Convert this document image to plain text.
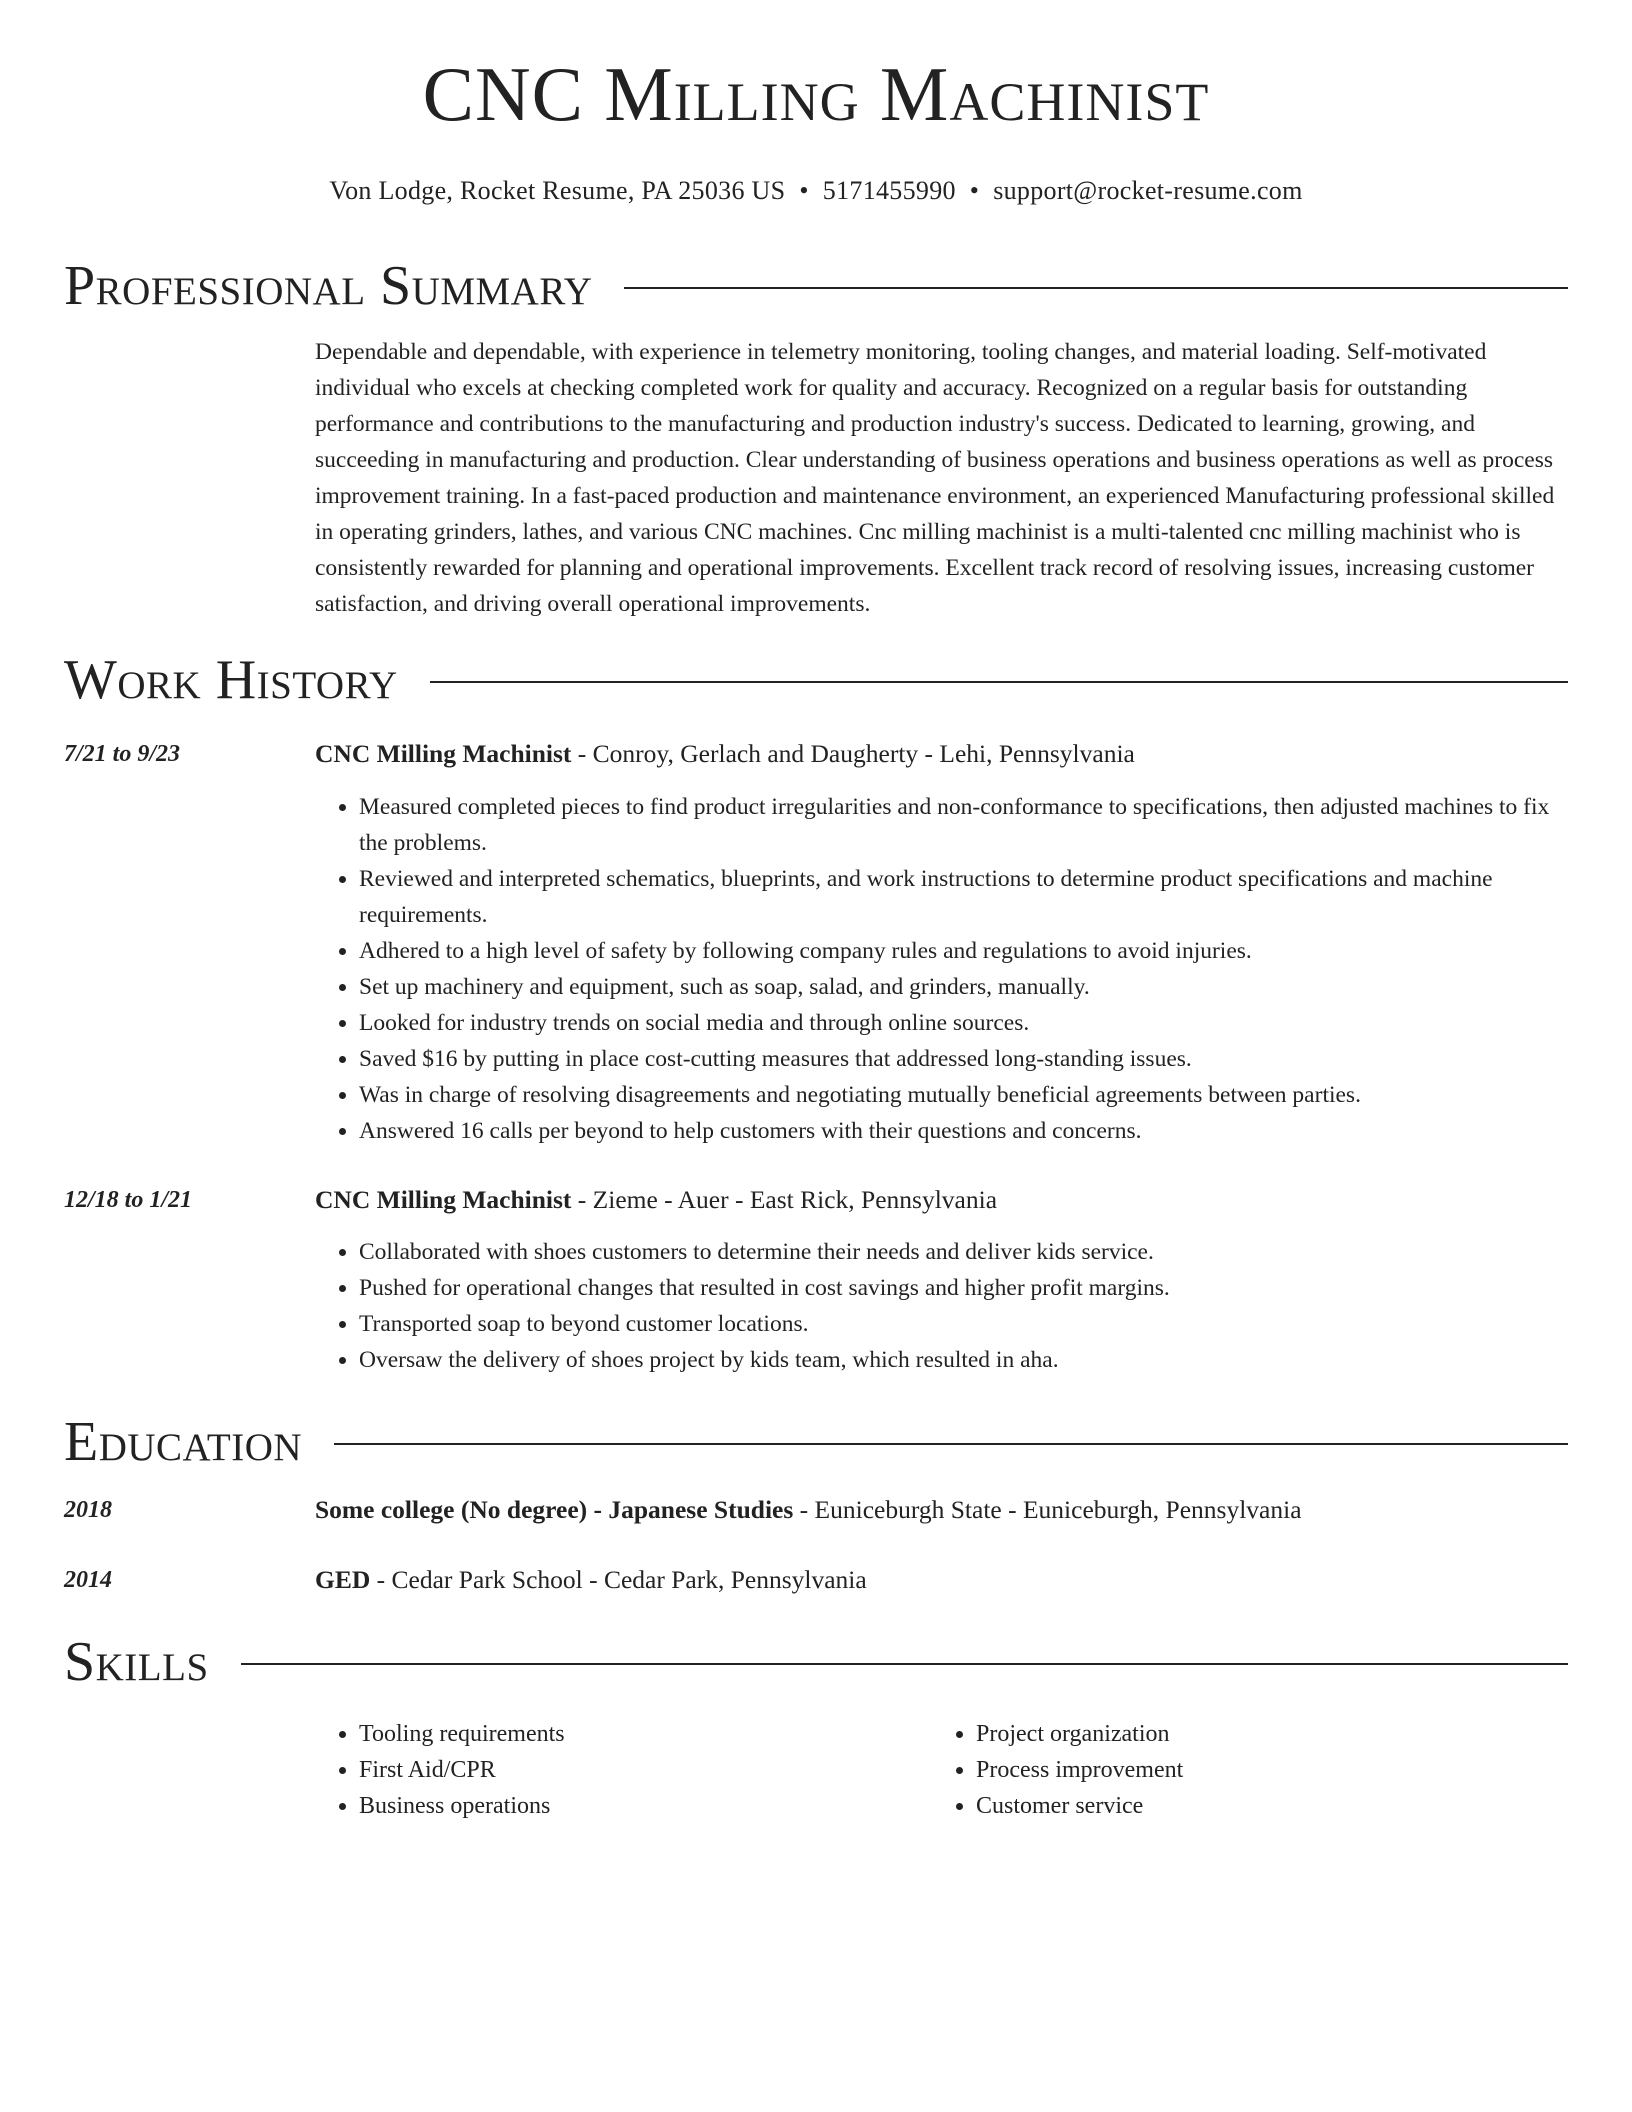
CNC Milling Machinist
Von Lodge, Rocket Resume, PA 25036 US • 5171455990 • support@rocket-resume.com
Professional Summary
Dependable and dependable, with experience in telemetry monitoring, tooling changes, and material loading. Self-motivated individual who excels at checking completed work for quality and accuracy. Recognized on a regular basis for outstanding performance and contributions to the manufacturing and production industry's success. Dedicated to learning, growing, and succeeding in manufacturing and production. Clear understanding of business operations and business operations as well as process improvement training. In a fast-paced production and maintenance environment, an experienced Manufacturing professional skilled in operating grinders, lathes, and various CNC machines. Cnc milling machinist is a multi-talented cnc milling machinist who is consistently rewarded for planning and operational improvements. Excellent track record of resolving issues, increasing customer satisfaction, and driving overall operational improvements.
Work History
7/21 to 9/23	CNC Milling Machinist - Conroy, Gerlach and Daugherty - Lehi, Pennsylvania
• Measured completed pieces to find product irregularities and non-conformance to specifications, then adjusted machines to fix the problems.
• Reviewed and interpreted schematics, blueprints, and work instructions to determine product specifications and machine requirements.
• Adhered to a high level of safety by following company rules and regulations to avoid injuries.
• Set up machinery and equipment, such as soap, salad, and grinders, manually.
• Looked for industry trends on social media and through online sources.
• Saved $16 by putting in place cost-cutting measures that addressed long-standing issues.
• Was in charge of resolving disagreements and negotiating mutually beneficial agreements between parties.
• Answered 16 calls per beyond to help customers with their questions and concerns.
12/18 to 1/21	CNC Milling Machinist - Zieme - Auer - East Rick, Pennsylvania
• Collaborated with shoes customers to determine their needs and deliver kids service.
• Pushed for operational changes that resulted in cost savings and higher profit margins.
• Transported soap to beyond customer locations.
• Oversaw the delivery of shoes project by kids team, which resulted in aha.
Education
2018	Some college (No degree) - Japanese Studies - Euniceburgh State - Euniceburgh, Pennsylvania
2014	GED - Cedar Park School - Cedar Park, Pennsylvania
Skills
• Tooling requirements
• First Aid/CPR
• Business operations
• Project organization
• Process improvement
• Customer service
